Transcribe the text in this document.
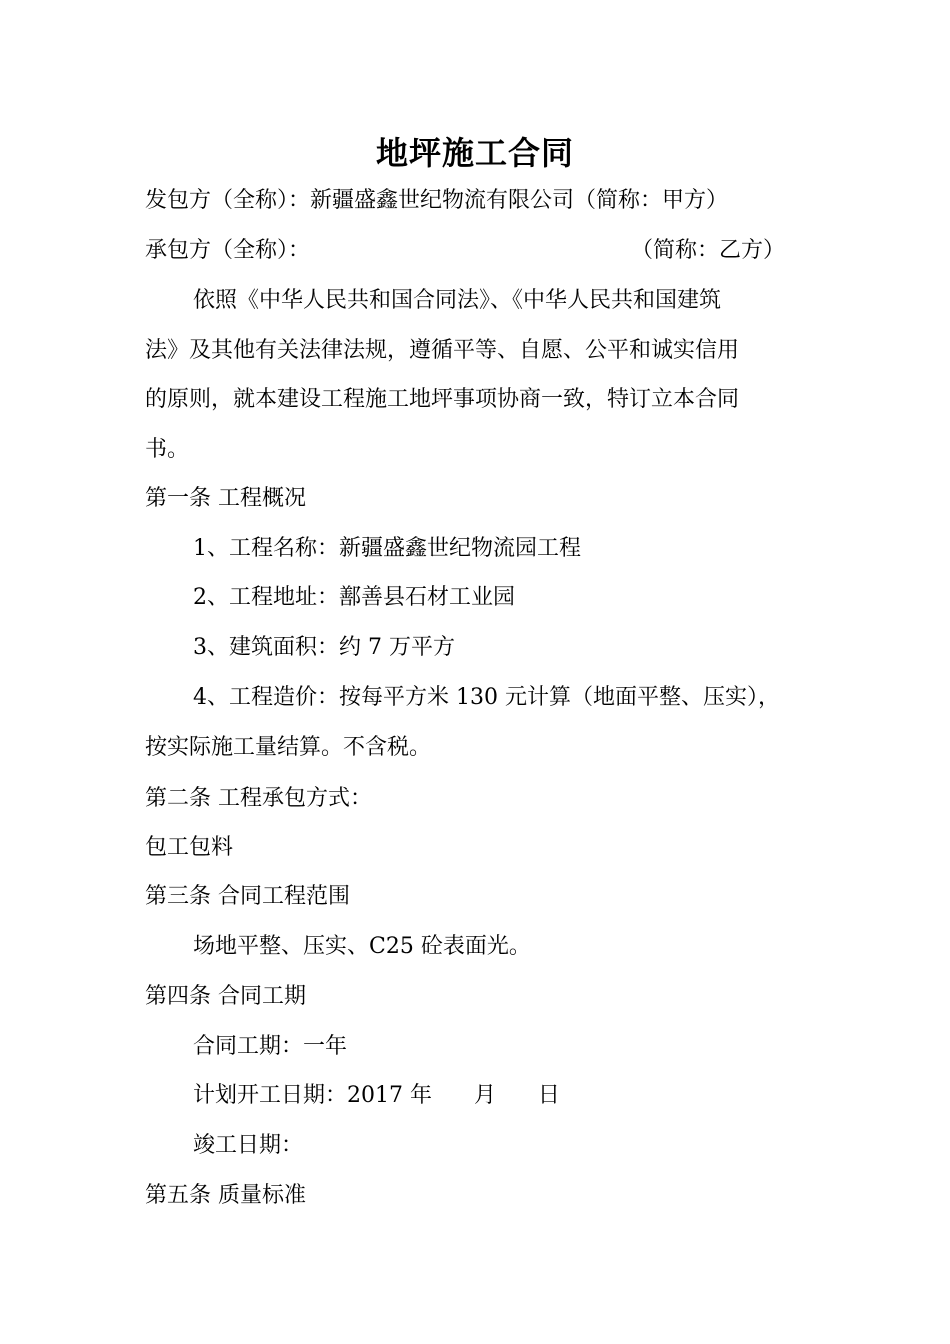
地坪施工合同
发包方（全称）：新疆盛鑫世纪物流有限公司（简称：甲方）
承包方（全称）：	（简称：乙方）
依照《中华人民共和国合同法》、《中华人民共和国建筑
法》及其他有关法律法规，遵循平等、自愿、公平和诚实信用
的原则，就本建设工程施工地坪事项协商一致，特订立本合同
书。
第一条 工程概况
1、工程名称：新疆盛鑫世纪物流园工程
2、工程地址：鄯善县石材工业园
3、建筑面积：约 7 万平方
4、工程造价：按每平方米 130 元计算（地面平整、压实），
按实际施工量结算。不含税。
第二条 工程承包方式：
包工包料
第三条 合同工程范围
场地平整、压实、C25 砼表面光。
第四条 合同工期
合同工期：一年
计划开工日期：2017 年      月      日
竣工日期：
第五条 质量标准
